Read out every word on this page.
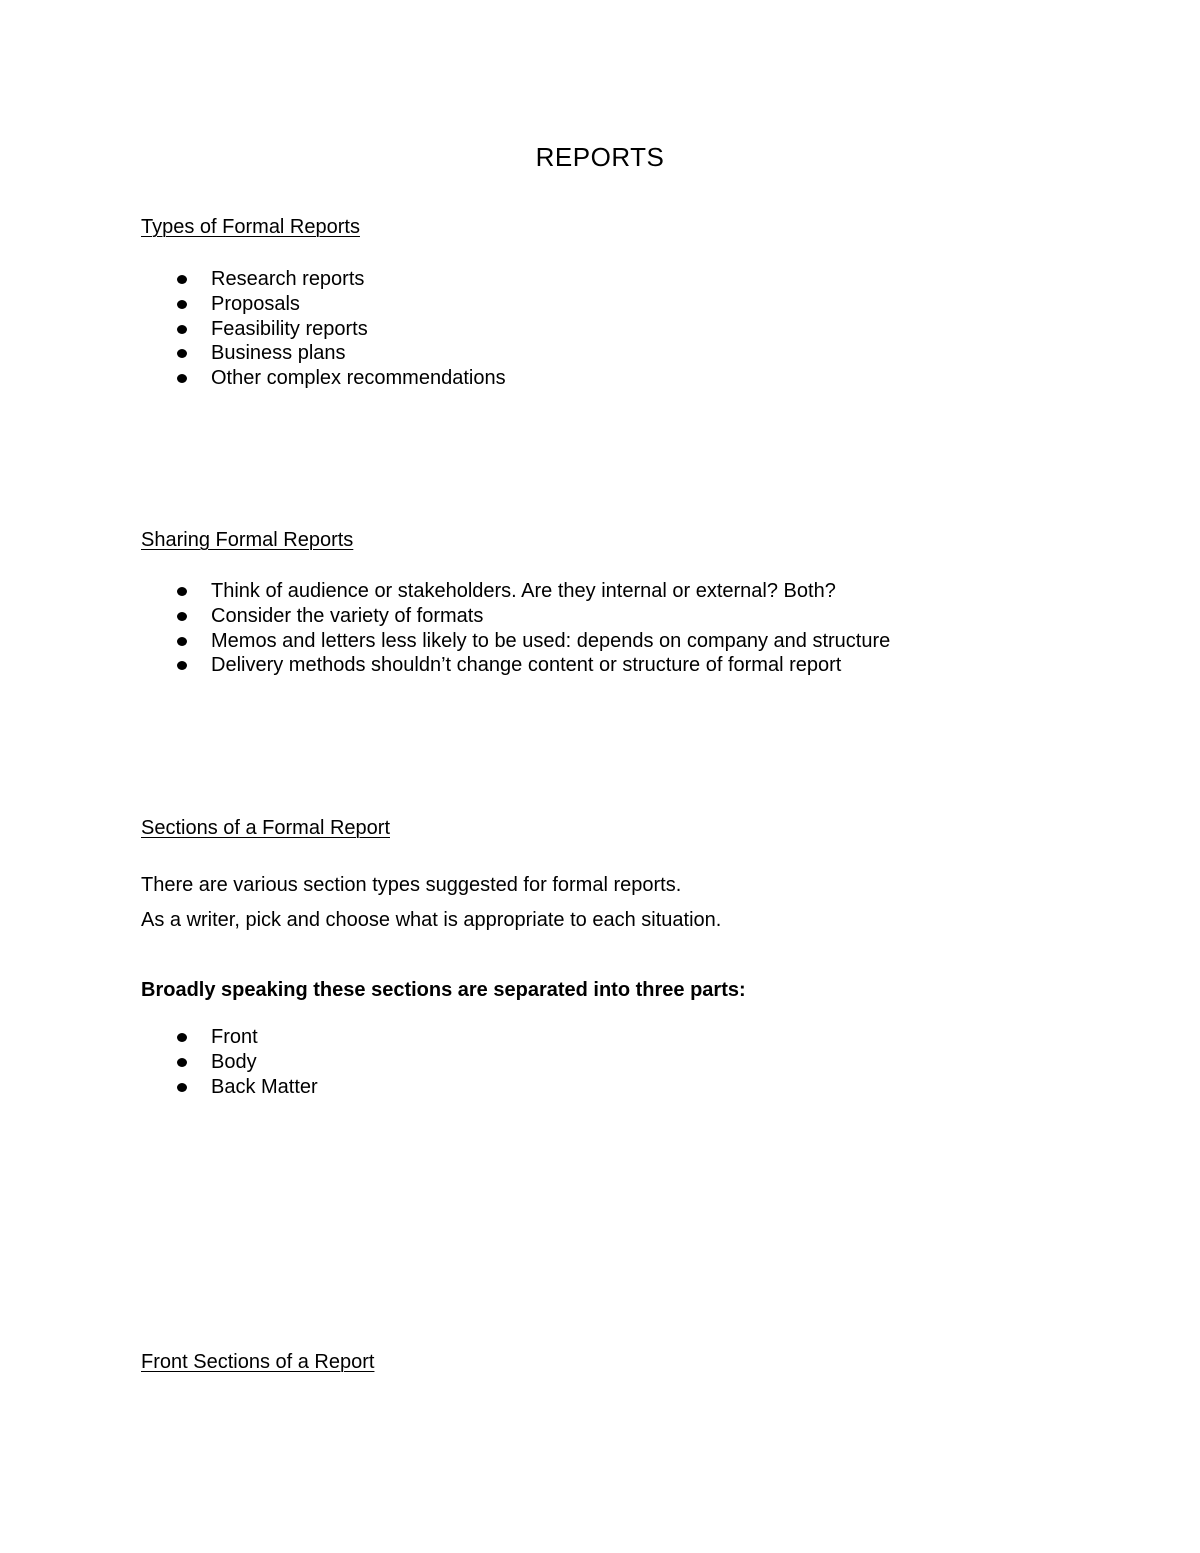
REPORTS
Types of Formal Reports
Research reports
Proposals
Feasibility reports
Business plans
Other complex recommendations
Sharing Formal Reports
Think of audience or stakeholders. Are they internal or external? Both?
Consider the variety of formats
Memos and letters less likely to be used: depends on company and structure
Delivery methods shouldn’t change content or structure of formal report
Sections of a Formal Report
There are various section types suggested for formal reports.
As a writer, pick and choose what is appropriate to each situation.
Broadly speaking these sections are separated into three parts:
Front
Body
Back Matter
Front Sections of a Report
